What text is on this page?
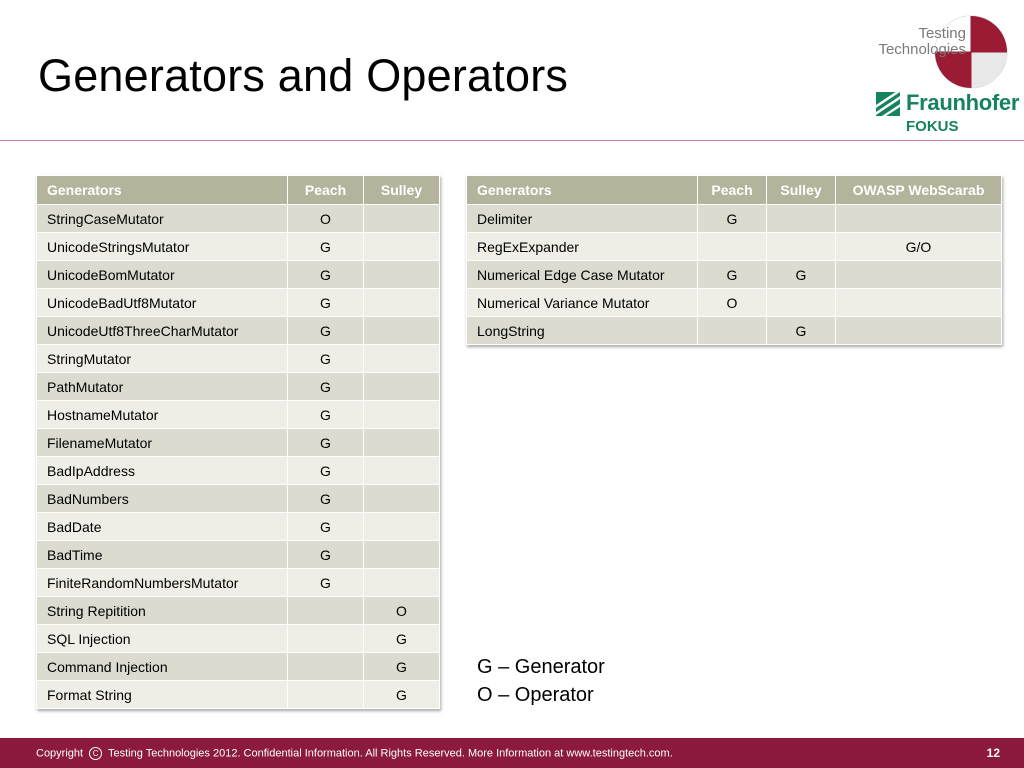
Generators and Operators
Testing
Technologies
Fraunhofer
FOKUS
Generators	Peach	Sulley
StringCaseMutator	O	
UnicodeStringsMutator	G	
UnicodeBomMutator	G	
UnicodeBadUtf8Mutator	G	
UnicodeUtf8ThreeCharMutator	G	
StringMutator	G	
PathMutator	G	
HostnameMutator	G	
FilenameMutator	G	
BadIpAddress	G	
BadNumbers	G	
BadDate	G	
BadTime	G	
FiniteRandomNumbersMutator	G	
String Repitition		O
SQL Injection		G
Command Injection		G
Format String		G
Generators	Peach	Sulley	OWASP WebScarab
Delimiter	G		
RegExExpander			G/O
Numerical Edge Case Mutator	G	G	
Numerical Variance Mutator	O		
LongString		G	
G – Generator
O – Operator
Copyright C Testing Technologies 2012. Confidential Information. All Rights Reserved. More Information at www.testingtech.com.	12
